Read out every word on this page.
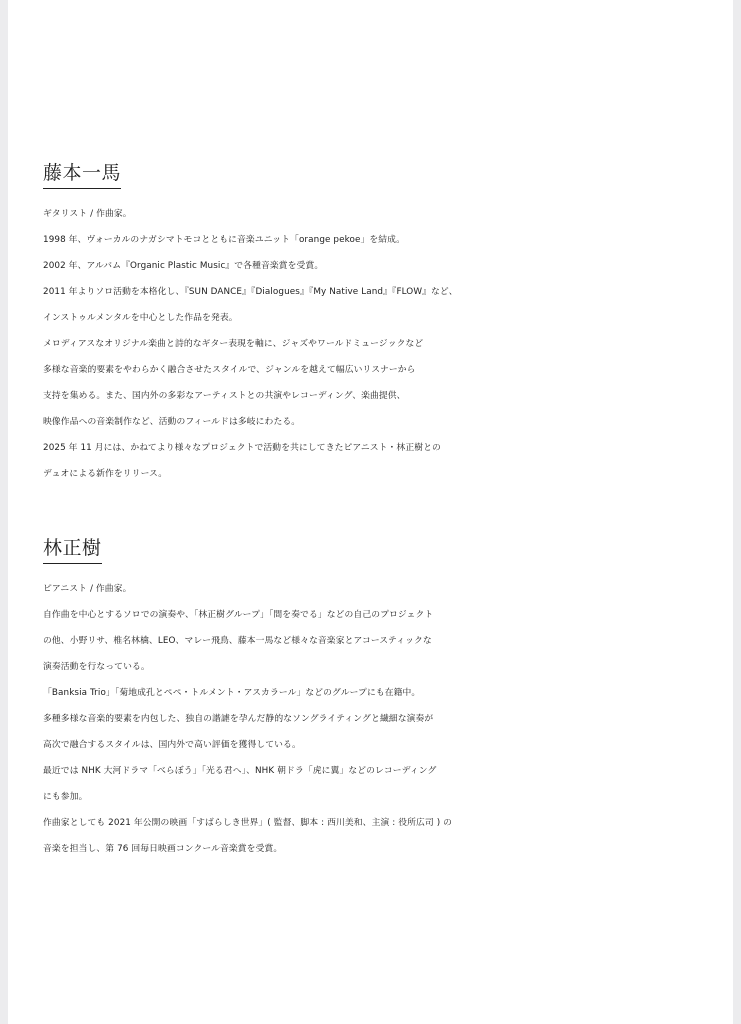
藤本一馬
ギタリスト / 作曲家。
1998 年、ヴォーカルのナガシマトモコとともに音楽ユニット「orange pekoe」を結成。
2002 年、アルバム『Organic Plastic Music』で各種音楽賞を受賞。
2011 年よりソロ活動を本格化し、『SUN DANCE』『Dialogues』『My Native Land』『FLOW』など、
インストゥルメンタルを中心とした作品を発表。
メロディアスなオリジナル楽曲と詩的なギター表現を軸に、ジャズやワールドミュージックなど
多様な音楽的要素をやわらかく融合させたスタイルで、ジャンルを越えて幅広いリスナーから
支持を集める。また、国内外の多彩なアーティストとの共演やレコーディング、楽曲提供、
映像作品への音楽制作など、活動のフィールドは多岐にわたる。
2025 年 11 月には、かねてより様々なプロジェクトで活動を共にしてきたピアニスト・林正樹との
デュオによる新作をリリース。
林正樹
ピアニスト / 作曲家。
自作曲を中心とするソロでの演奏や、「林正樹グループ」「間を奏でる」などの自己のプロジェクト
の他、小野リサ、椎名林檎、LEO、マレー飛鳥、藤本一馬など様々な音楽家とアコースティックな
演奏活動を行なっている。
「Banksia Trio」「菊地成孔とペペ・トルメント・アスカラール」などのグループにも在籍中。
多種多様な音楽的要素を内包した、独自の諧謔を孕んだ静的なソングライティングと繊細な演奏が
高次で融合するスタイルは、国内外で高い評価を獲得している。
最近では NHK 大河ドラマ「べらぼう」「光る君へ」、NHK 朝ドラ「虎に翼」などのレコーディング
にも参加。
作曲家としても 2021 年公開の映画「すばらしき世界」( 監督、脚本 : 西川美和、主演 : 役所広司 ) の
音楽を担当し、第 76 回毎日映画コンクール音楽賞を受賞。
